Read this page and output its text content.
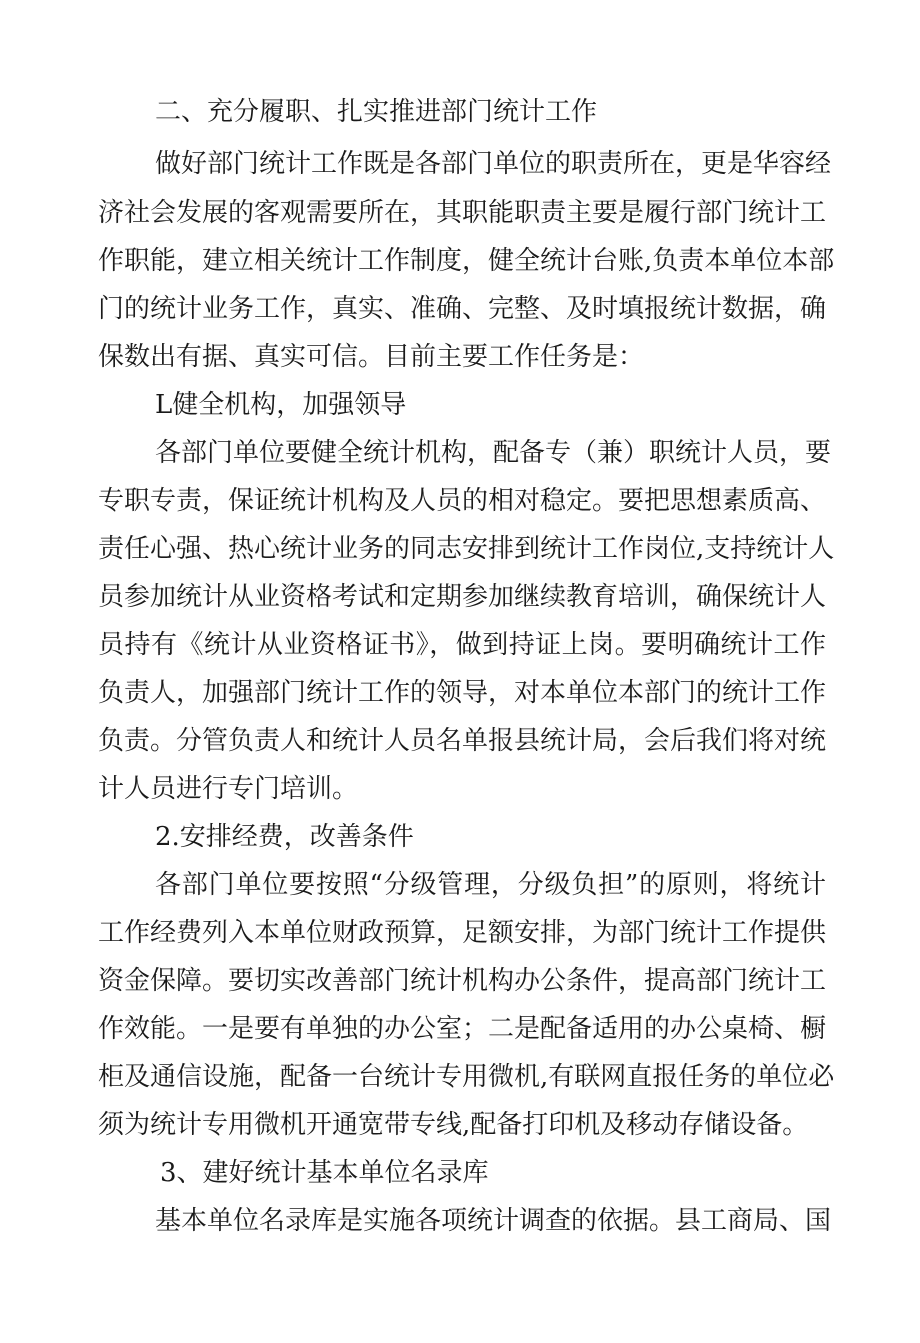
二、充分履职、扎实推进部门统计工作
做好部门统计工作既是各部门单位的职责所在，更是华容经
济社会发展的客观需要所在，其职能职责主要是履行部门统计工
作职能，建立相关统计工作制度，健全统计台账,负责本单位本部
门的统计业务工作，真实、准确、完整、及时填报统计数据，确
保数出有据、真实可信。目前主要工作任务是：
L健全机构，加强领导
各部门单位要健全统计机构，配备专（兼）职统计人员，要
专职专责，保证统计机构及人员的相对稳定。要把思想素质高、
责任心强、热心统计业务的同志安排到统计工作岗位,支持统计人
员参加统计从业资格考试和定期参加继续教育培训，确保统计人
员持有《统计从业资格证书》，做到持证上岗。要明确统计工作
负责人，加强部门统计工作的领导，对本单位本部门的统计工作
负责。分管负责人和统计人员名单报县统计局，会后我们将对统
计人员进行专门培训。
2.安排经费，改善条件
各部门单位要按照“分级管理，分级负担”的原则，将统计
工作经费列入本单位财政预算，足额安排，为部门统计工作提供
资金保障。要切实改善部门统计机构办公条件，提高部门统计工
作效能。一是要有单独的办公室；二是配备适用的办公桌椅、橱
柜及通信设施，配备一台统计专用微机,有联网直报任务的单位必
须为统计专用微机开通宽带专线,配备打印机及移动存储设备。
3、建好统计基本单位名录库
基本单位名录库是实施各项统计调查的依据。县工商局、国
